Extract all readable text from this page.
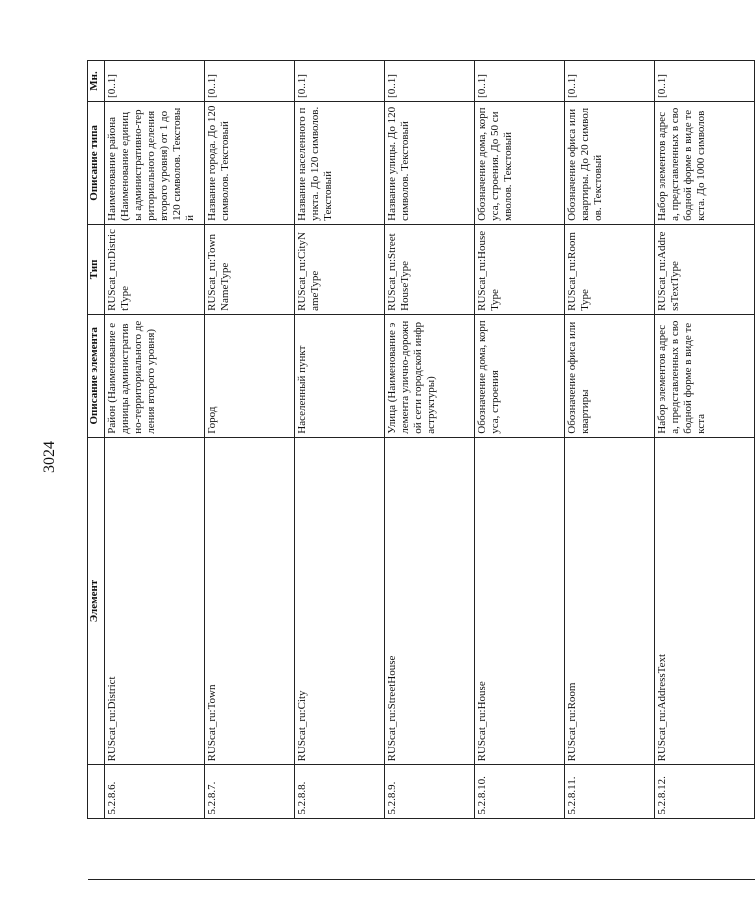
3024
		Элемент	Описание элемента	Тип	Описание типа	Мн.
	5.2.8.6.	RUScat_ru:District	Район (Наименование единицы административно-территориального деления второго уровня)	RUScat_ru:DistrictType	Наименование района (Наименование единицы административно-территориального деления второго уровня) от 1 до 120 символов. Текстовый	[0..1]
	5.2.8.7.	RUScat_ru:Town	Город	RUScat_ru:TownNameType	Название города. До 120 символов. Текстовый	[0..1]
	5.2.8.8.	RUScat_ru:City	Населенный пункт	RUScat_ru:CityNameType	Название населенного пункта. До 120 символов. Текстовый	[0..1]
	5.2.8.9.	RUScat_ru:StreetHouse	Улица (Наименование элемента улично-дорожной сети городской инфраструктуры)	RUScat_ru:StreetHouseType	Название улицы. До 120 символов. Текстовый	[0..1]
	5.2.8.10.	RUScat_ru:House	Обозначение дома, корпуса, строения	RUScat_ru:HouseType	Обозначение дома, корпуса, строения. До 50 символов. Текстовый	[0..1]
	5.2.8.11.	RUScat_ru:Room	Обозначение офиса или квартиры	RUScat_ru:RoomType	Обозначение офиса или квартиры. До 20 символов. Текстовый	[0..1]
	5.2.8.12.	RUScat_ru:AddressText	Набор элементов адреса, представленных в свободной форме в виде текста	RUScat_ru:AddressTextType	Набор элементов адреса, представленных в свободной форме в виде текста. До 1000 символов	[0..1]
